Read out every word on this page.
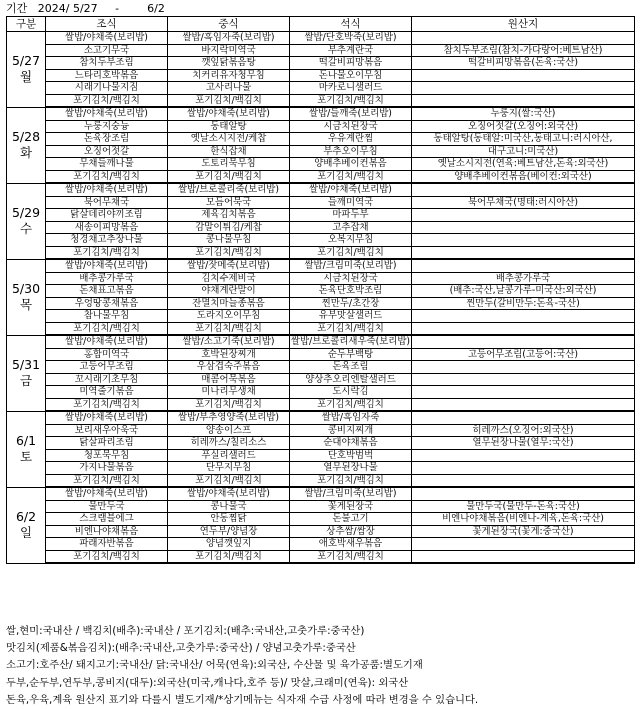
기간 2024/ 5/27 -	6/2
구분	조식	중식	석식	원산지
5/27
월	쌀밥/야채죽(보리밥)	쌀밥/흑임자죽(보리밥)	쌀밥/단호박죽(보리밥)	
	소고기무국	바지락미역국	부추계란국	참치두부조림(참치-가다랑어:베트남산)
	참치두부조림	깻잎닭볶음탕	떡갈비피망볶음	떡갈비피망볶음(돈육:국산)
	느타리호박볶음	치커리유자청무침	돈나물오이무침	
	시래기나물지짐	고사리나물	마카로니샐러드	
	포기김치/백김치	포기김치/백김치	포기김치/백김치	
5/28
화	쌀밥/야채죽(보리밥)	쌀밥/야채죽(보리밥)	쌀밥/들깨죽(보리밥)	누룽지(쌀:국산)
	누룽지숭늉	동태알탕	시금치된장국	오징어젓갈(오징어:외국산)
	돈육장조림	옛날소시지전/케찹	우유계란찜	동태알탕(동태알:미국산,동태고니:러시아산,
	오징어젓갈	한식잡채	부추오이무침	대구고니:미국산)
	무채들깨나물	도토리묵무침	양배추베이컨볶음	옛날소시지전(연육:베트남산,돈육:외국산)
	포기김치/백김치	포기김치/백김치	포기김치/백김치	양배추베이컨볶음(베이컨:외국산)
5/29
수	쌀밥/야채죽(보리밥)	쌀밥/브로콜리죽(보리밥)	쌀밥/야채죽(보리밥)	
	북어무채국	모듬어묵국	들깨미역국	북어무채국(명태:러시아산)
	닭살데리야끼조림	제육김치볶음	마파두부	
	새송이피망볶음	감말이튀김/케찹	고추잡채	
	청경채고추장나물	콩나물무침	오복지무침	
	포기김치/백김치	포기김치/백김치	포기김치/백김치	
5/30
목	쌀밥/야채죽(보리밥)	쌀밥/잣메죽(보리밥)	쌀밥/크림미죽(보리밥)	
	배추콩가루국	김치수제비국	시금치된장국	배추콩가루국
	돈채표고볶음	야채계란말이	돈육단호박조림	(배추:국산,날콩가루-미국산:외국산)
	우엉땅콩채볶음	잔멸치마늘종볶음	찐만두/초간장	찐만두(갈비만두:돈육-국산)
	참나물무침	도라지오이무침	유부맛살샐러드	
	포기김치/백김치	포기김치/백김치	포기김치/백김치	
5/31
금	쌀밥/야채죽(보리밥)	쌀밥/소고기죽(보리밥)	쌀밥/브로콜리새우죽(보리밥)	
	홍합미역국	호박된장찌개	순두부백탕	고등어무조림(고등어:국산)
	고등어무조림	우삼겹숙주볶음	돈육조림	
	꼬시래기초무침	매콤어묵볶음	양상추오리엔탈샐러드	
	미역줄기볶음	미나리무생채	도시락김	
	포기김치/백김치	포기김치/백김치	포기김치/백김치	
6/1
토	쌀밥/야채죽(보리밥)	쌀밥/부추영양죽(보리밥)	쌀밥/흑임자죽	
	보리새우아욱국	양송이스프	콩비지찌개	히레까스(오징어:외국산)
	닭살파리조림	히레까스/칠리소스	순대야채볶음	열무된장나물(열무:국산)
	청포묵무침	푸실리샐러드	단호박범벅	
	가지나물볶음	단무지무침	열무된장나물	
	포기김치/백김치	포기김치/백김치	포기김치/백김치	
6/2
일	쌀밥/야채죽(보리밥)	쌀밥/야채죽(보리밥)	쌀밥/크림미죽(보리밥)	
	물만두국	콩나물국	꽃게된장국	물만두국(물만두-돈육:국산)
	스크램블에그	안동찜닭	돈불고기	비엔나야채볶음(비엔나-계육,돈육:국산)
	비엔나야채볶음	연두부/양념장	상추쌈/쌈장	꽃게된장국(꽃게:중국산)
	파래자반볶음	양념깻잎지	애호박새우볶음	
	포기김치/백김치	포기김치/백김치	포기김치/백김치	
쌀,현미:국내산 / 백김치(배추):국내산 / 포기김치:(배추:국내산,고춧가루:중국산)
맛김치(제품&볶음김치):(배추:국내산,고춧가루:중국산) / 양념고춧가루:중국산
소고기:호주산/ 돼지고기:국내산/ 닭:국내산/ 어묵(연육):외국산, 수산물 및 육가공품:별도기재
두부,순두부,연두부,콩비지(대두):외국산(미국,캐나다,호주 등)/ 맛살,크래미(연육): 외국산
돈육,우육,계육 원산지 표기와 다를시 별도기재/*상기메뉴는 식자재 수급 사정에 따라 변경을 수 있습니다.
